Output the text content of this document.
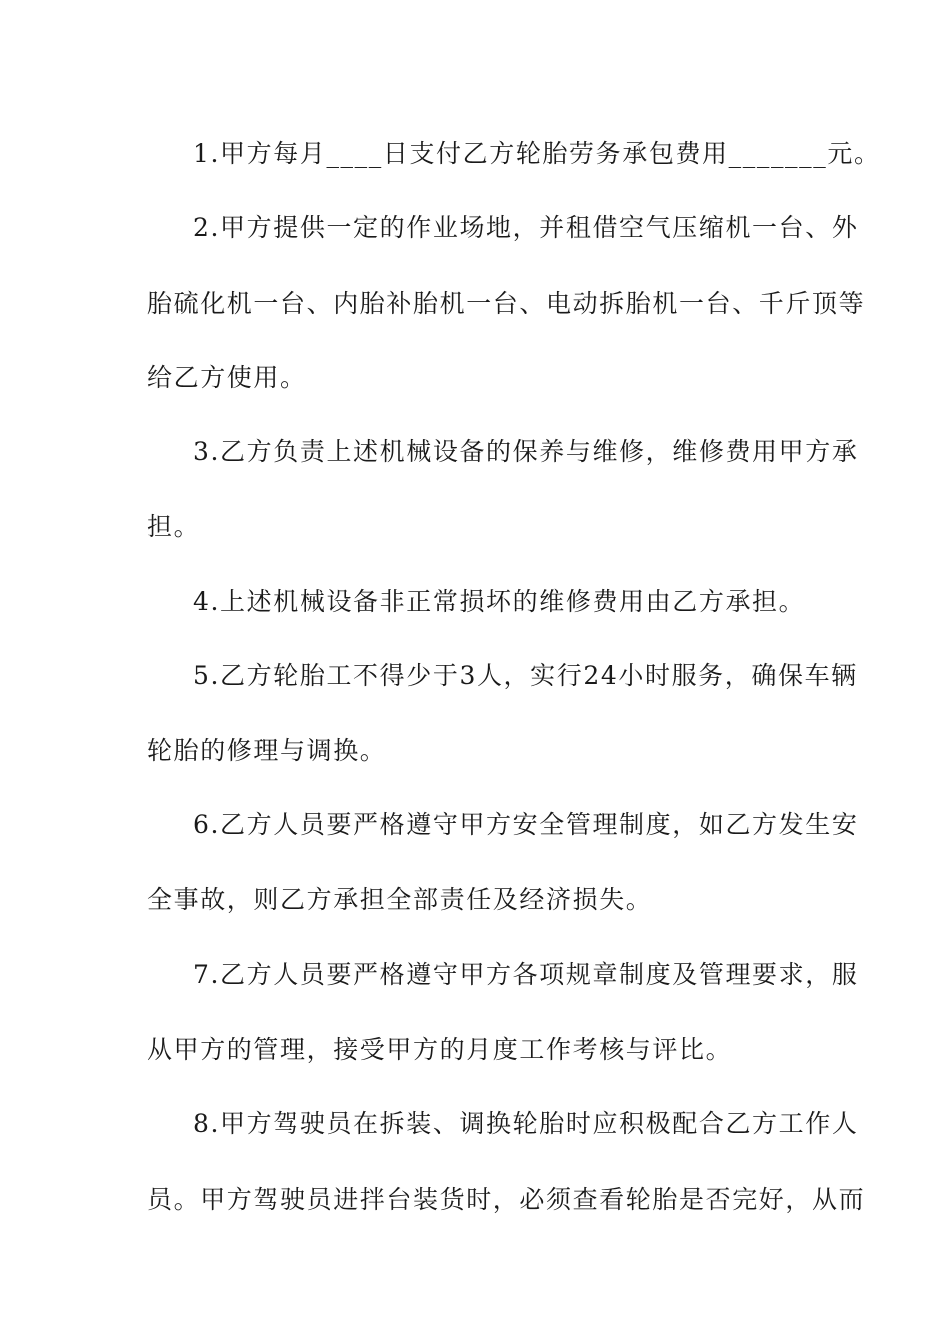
1.甲方每月____日支付乙方轮胎劳务承包费用_______元。
2.甲方提供一定的作业场地，并租借空气压缩机一台、外
胎硫化机一台、内胎补胎机一台、电动拆胎机一台、千斤顶等
给乙方使用。
3.乙方负责上述机械设备的保养与维修，维修费用甲方承
担。
4.上述机械设备非正常损坏的维修费用由乙方承担。
5.乙方轮胎工不得少于3人，实行24小时服务，确保车辆
轮胎的修理与调换。
6.乙方人员要严格遵守甲方安全管理制度，如乙方发生安
全事故，则乙方承担全部责任及经济损失。
7.乙方人员要严格遵守甲方各项规章制度及管理要求，服
从甲方的管理，接受甲方的月度工作考核与评比。
8.甲方驾驶员在拆装、调换轮胎时应积极配合乙方工作人
员。甲方驾驶员进拌台装货时，必须查看轮胎是否完好，从而
